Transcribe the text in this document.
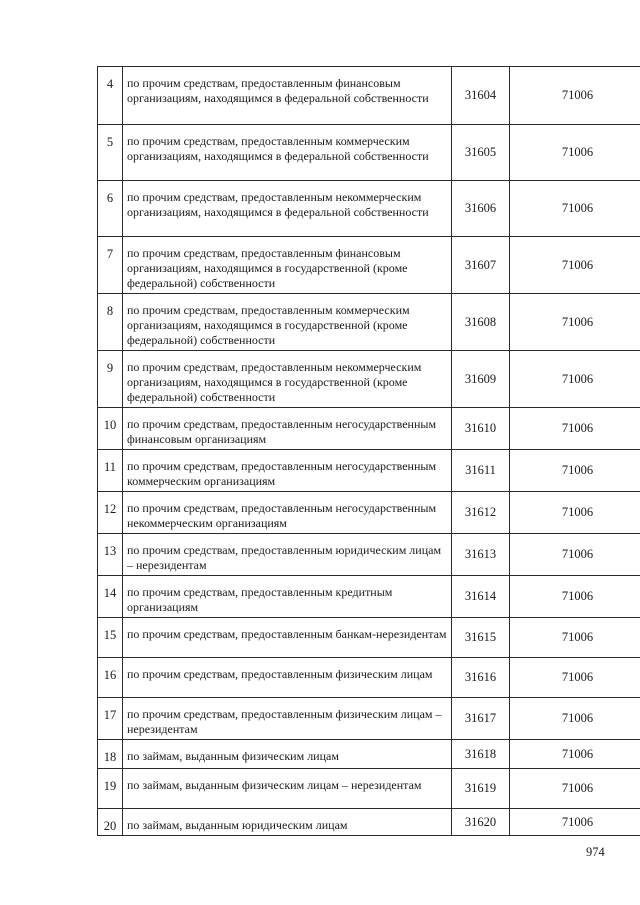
4	по прочим средствам, предоставленным финансовым организациям, находящимся в федеральной собственности	31604	71006
5	по прочим средствам, предоставленным коммерческим организациям, находящимся в федеральной собственности	31605	71006
6	по прочим средствам, предоставленным некоммерческим организациям, находящимся в федеральной собственности	31606	71006
7	по прочим средствам, предоставленным финансовым организациям, находящимся в государственной (кроме федеральной) собственности	31607	71006
8	по прочим средствам, предоставленным коммерческим организациям, находящимся в государственной (кроме федеральной) собственности	31608	71006
9	по прочим средствам, предоставленным некоммерческим организациям, находящимся в государственной (кроме федеральной) собственности	31609	71006
10	по прочим средствам, предоставленным негосударственным финансовым организациям	31610	71006
11	по прочим средствам, предоставленным негосударственным коммерческим организациям	31611	71006
12	по прочим средствам, предоставленным негосударственным некоммерческим организациям	31612	71006
13	по прочим средствам, предоставленным юридическим лицам – нерезидентам	31613	71006
14	по прочим средствам, предоставленным кредитным организациям	31614	71006
15	по прочим средствам, предоставленным банкам-нерезидентам	31615	71006
16	по прочим средствам, предоставленным физическим лицам	31616	71006
17	по прочим средствам, предоставленным физическим лицам – нерезидентам	31617	71006
18	по займам, выданным физическим лицам	31618	71006
19	по займам, выданным физическим лицам – нерезидентам	31619	71006
20	по займам, выданным юридическим лицам	31620	71006
974
